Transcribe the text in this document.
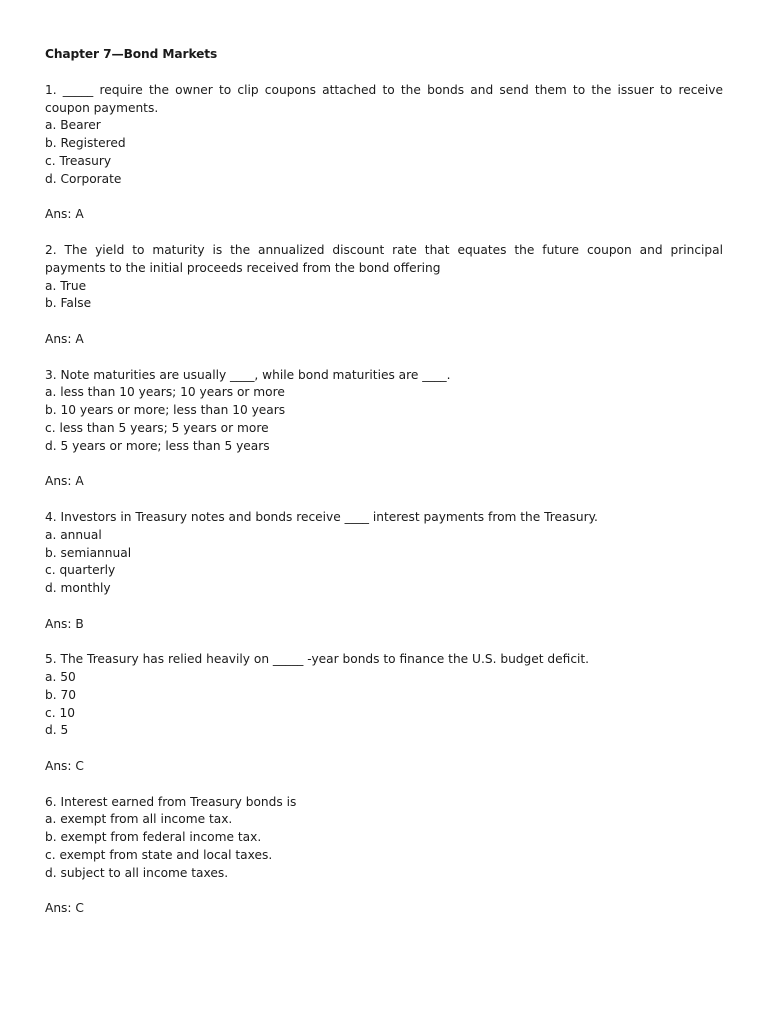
Chapter 7—Bond Markets

1. _____ require the owner to clip coupons attached to the bonds and send them to the issuer to receive coupon payments.

a. Bearer

b. Registered

c. Treasury

d. Corporate

Ans: A

2. The yield to maturity is the annualized discount rate that equates the future coupon and principal payments to the initial proceeds received from the bond offering

a. True

b. False

Ans: A

3. Note maturities are usually ____, while bond maturities are ____.

a. less than 10 years; 10 years or more

b. 10 years or more; less than 10 years

c. less than 5 years; 5 years or more

d. 5 years or more; less than 5 years

Ans: A

4. Investors in Treasury notes and bonds receive ____ interest payments from the Treasury.

a. annual

b. semiannual

c. quarterly

d. monthly

Ans: B

5. The Treasury has relied heavily on _____ -year bonds to finance the U.S. budget deficit.

a. 50

b. 70

c. 10

d. 5

Ans: C

6. Interest earned from Treasury bonds is

a. exempt from all income tax.

b. exempt from federal income tax.

c. exempt from state and local taxes.

d. subject to all income taxes.

Ans: C
